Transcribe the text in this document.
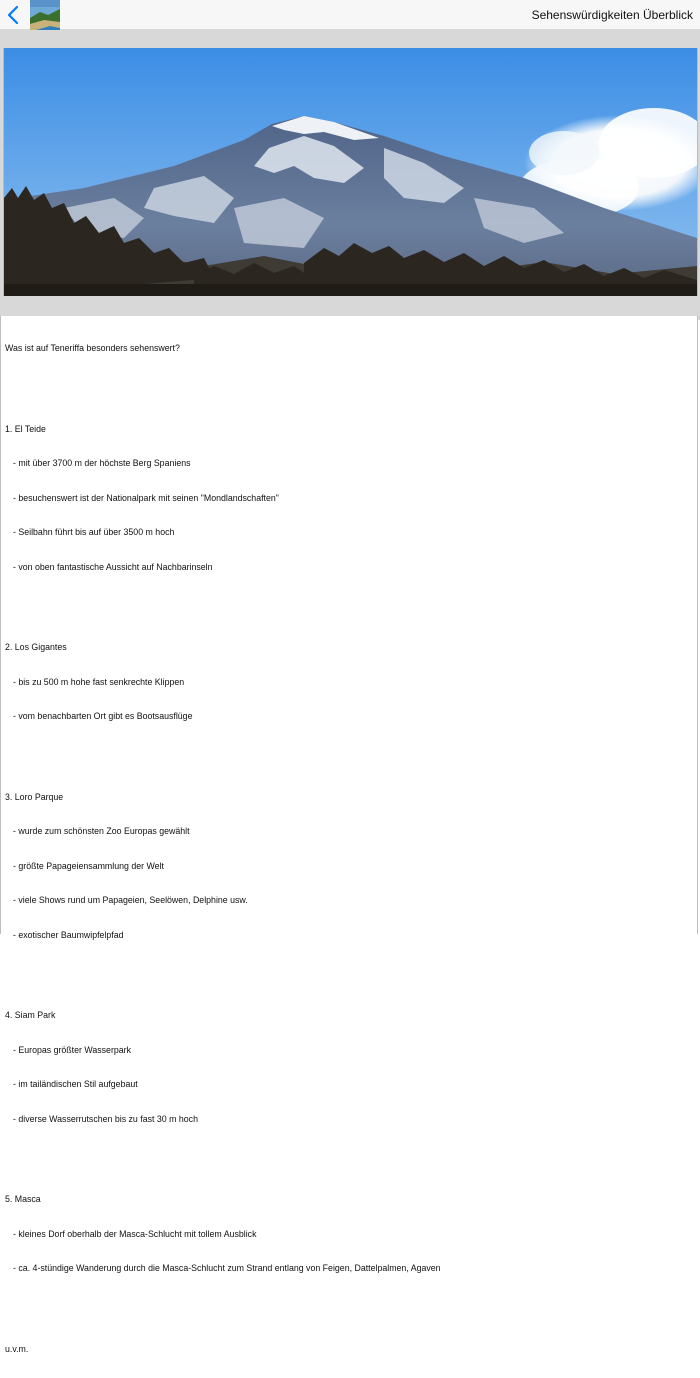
Sehenswürdigkeiten Überblick

Was ist auf Teneriffa besonders sehenswert?

1. El Teide

- mit über 3700 m der höchste Berg Spaniens

- besuchenswert ist der Nationalpark mit seinen "Mondlandschaften"

- Seilbahn führt bis auf über 3500 m hoch

- von oben fantastische Aussicht auf Nachbarinseln

2. Los Gigantes

- bis zu 500 m hohe fast senkrechte Klippen

- vom benachbarten Ort gibt es Bootsausflüge

3. Loro Parque

- wurde zum schönsten Zoo Europas gewählt

- größte Papageiensammlung der Welt

- viele Shows rund um Papageien, Seelöwen, Delphine usw.

- exotischer Baumwipfelpfad

4. Siam Park

- Europas größter Wasserpark

- im tailändischen Stil aufgebaut

- diverse Wasserrutschen bis zu fast 30 m hoch

5. Masca

- kleines Dorf oberhalb der Masca-Schlucht mit tollem Ausblick

- ca. 4-stündige Wanderung durch die Masca-Schlucht zum Strand entlang von Feigen, Dattelpalmen, Agaven

u.v.m.
